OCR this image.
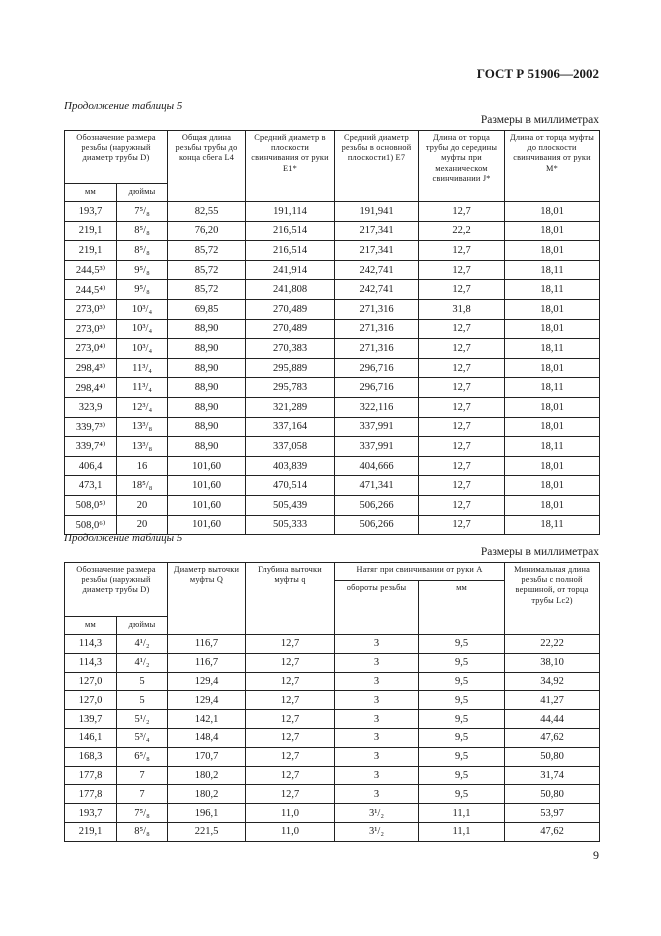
ГОСТ Р 51906—2002
Продолжение таблицы 5
Размеры в миллиметрах
Обозначение размера резьбы (наружный диаметр трубы D)		Общая длина резьбы трубы до конца сбега L4	Средний диаметр в плоскости свинчивания от руки E1*	Средний диаметр резьбы в основной плоскости1) E7	Длина от торца трубы до середины муфты при механическом свинчивании J*	Длина от торца муфты до плоскости свинчивания от руки M*
мм	дюймы					
193,7	7⁵/₈	82,55	191,114	191,941	12,7	18,01
219,1	8⁵/₈	76,20	216,514	217,341	22,2	18,01
219,1	8⁵/₈	85,72	216,514	217,341	12,7	18,01
244,5³⁾	9⁵/₈	85,72	241,914	242,741	12,7	18,11
244,5⁴⁾	9⁵/₈	85,72	241,808	242,741	12,7	18,11
273,0³⁾	10³/₄	69,85	270,489	271,316	31,8	18,01
273,0³⁾	10³/₄	88,90	270,489	271,316	12,7	18,01
273,0⁴⁾	10³/₄	88,90	270,383	271,316	12,7	18,11
298,4³⁾	11³/₄	88,90	295,889	296,716	12,7	18,01
298,4⁴⁾	11³/₄	88,90	295,783	296,716	12,7	18,11
323,9	12³/₄	88,90	321,289	322,116	12,7	18,01
339,7³⁾	13³/₈	88,90	337,164	337,991	12,7	18,01
339,7⁴⁾	13³/₈	88,90	337,058	337,991	12,7	18,11
406,4	16	101,60	403,839	404,666	12,7	18,01
473,1	18⁵/₈	101,60	470,514	471,341	12,7	18,01
508,0⁵⁾	20	101,60	505,439	506,266	12,7	18,01
508,0⁶⁾	20	101,60	505,333	506,266	12,7	18,11
Продолжение таблицы 5
Размеры в миллиметрах
Обозначение размера резьбы (наружный диаметр трубы D)		Диаметр выточки муфты Q	Глубина выточки муфты q	Натяг при свинчивании от руки A		Минимальная длина резьбы с полной вершиной, от торца трубы Lc2)
				обороты резьбы	мм	
мм	дюймы					
114,3	4¹/₂	116,7	12,7	3	9,5	22,22
114,3	4¹/₂	116,7	12,7	3	9,5	38,10
127,0	5	129,4	12,7	3	9,5	34,92
127,0	5	129,4	12,7	3	9,5	41,27
139,7	5¹/₂	142,1	12,7	3	9,5	44,44
146,1	5³/₄	148,4	12,7	3	9,5	47,62
168,3	6⁵/₈	170,7	12,7	3	9,5	50,80
177,8	7	180,2	12,7	3	9,5	31,74
177,8	7	180,2	12,7	3	9,5	50,80
193,7	7⁵/₈	196,1	11,0	3¹/₂	11,1	53,97
219,1	8⁵/₈	221,5	11,0	3¹/₂	11,1	47,62
9
